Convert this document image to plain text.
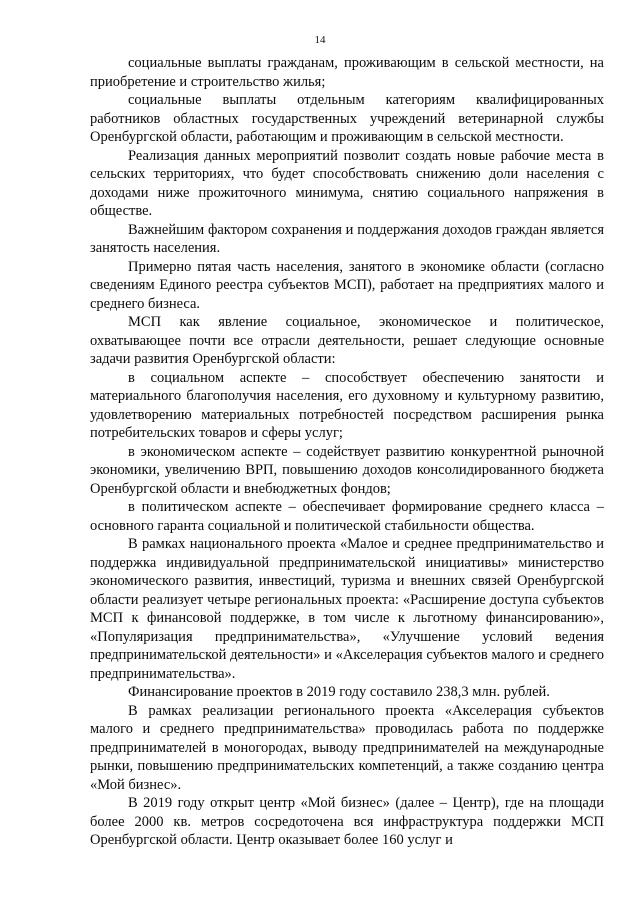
14

социальные выплаты гражданам, проживающим в сельской местности, на приобретение и строительство жилья;

социальные выплаты отдельным категориям квалифицированных работников областных государственных учреждений ветеринарной службы Оренбургской области, работающим и проживающим в сельской местности.

Реализация данных мероприятий позволит создать новые рабочие места в сельских территориях, что будет способствовать снижению доли населения с доходами ниже прожиточного минимума, снятию социального напряжения в обществе.

Важнейшим фактором сохранения и поддержания доходов граждан является занятость населения.

Примерно пятая часть населения, занятого в экономике области (согласно сведениям Единого реестра субъектов МСП), работает на предприятиях малого и среднего бизнеса.

МСП как явление социальное, экономическое и политическое, охватывающее почти все отрасли деятельности, решает следующие основные задачи развития Оренбургской области:

в социальном аспекте – способствует обеспечению занятости и материального благополучия населения, его духовному и культурному развитию, удовлетворению материальных потребностей посредством расширения рынка потребительских товаров и сферы услуг;

в экономическом аспекте – содействует развитию конкурентной рыночной экономики, увеличению ВРП, повышению доходов консолидированного бюджета Оренбургской области и внебюджетных фондов;

в политическом аспекте – обеспечивает формирование среднего класса – основного гаранта социальной и политической стабильности общества.

В рамках национального проекта «Малое и среднее предпринимательство и поддержка индивидуальной предпринимательской инициативы» министерство экономического развития, инвестиций, туризма и внешних связей Оренбургской области реализует четыре региональных проекта: «Расширение доступа субъектов МСП к финансовой поддержке, в том числе к льготному финансированию», «Популяризация предпринимательства», «Улучшение условий ведения предпринимательской деятельности» и «Акселерация субъектов малого и среднего предпринимательства».

Финансирование проектов в 2019 году составило 238,3 млн. рублей.

В рамках реализации регионального проекта «Акселерация субъектов малого и среднего предпринимательства» проводилась работа по поддержке предпринимателей в моногородах, выводу предпринимателей на международные рынки, повышению предпринимательских компетенций, а также созданию центра «Мой бизнес».

В 2019 году открыт центр «Мой бизнес» (далее – Центр), где на площади более 2000 кв. метров сосредоточена вся инфраструктура поддержки МСП Оренбургской области. Центр оказывает более 160 услуг и
